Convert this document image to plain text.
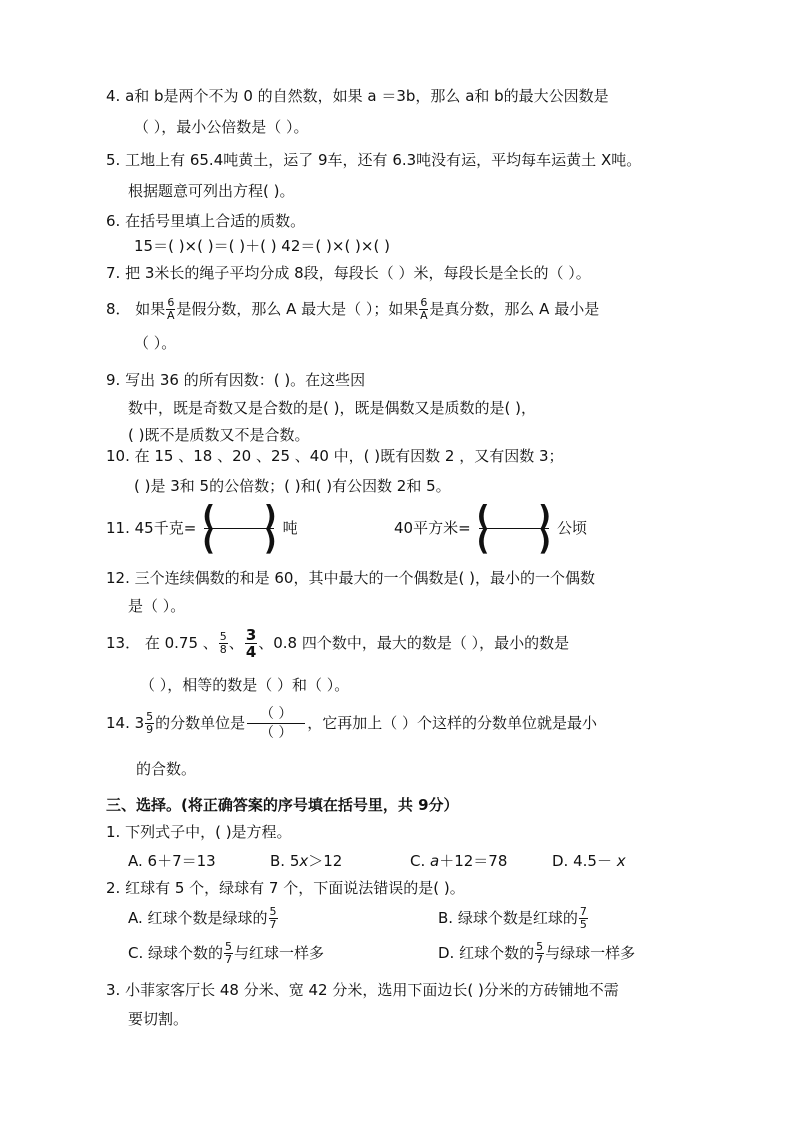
4. a和 b是两个不为 0 的自然数，如果 a ＝3b，那么 a和 b的最大公因数是
（ ），最小公倍数是（ ）。
5. 工地上有 65.4吨黄土，运了 9车，还有 6.3吨没有运，平均每车运黄土 X吨。
根据题意可列出方程( )。
6. 在括号里填上合适的质数。
15＝( )×( )＝( )＋( ) 42＝( )×( )×( )
7. 把 3米长的绳子平均分成 8段，每段长（ ）米，每段长是全长的（ ）。
8． 如果 $\frac{6}{A}$ 是假分数，那么 A 最大是（ ）；如果 $\frac{6}{A}$ 是真分数，那么 A 最小是
（ ）。
9. 写出 36 的所有因数：( )。在这些因
数中，既是奇数又是合数的是( )，既是偶数又是质数的是( )，
( )既不是质数又不是合数。
10. 在 15 、18 、20 、25 、40 中，( )既有因数 2 ，又有因数 3；
( )是 3和 5的公倍数；( )和( )有公因数 2和 5。
11. 45千克= (     )
(     ) 吨	40平方米= (     )
(     ) 公顷
12. 三个连续偶数的和是 60，其中最大的一个偶数是( )，最小的一个偶数
是（ ）。
13． 在 0.75 、 $\frac{5}{8}$ 、 $\frac{3}{4}$ 、0.8 四个数中，最大的数是（ ），最小的数是
（ ），相等的数是（ ）和（ ）。
14. $3 \frac{5}{9}$ 的分数单位是 $\frac{( )}{( )}$ ，它再加上（ ）个这样的分数单位就是最小
的合数。
三、选择。(将正确答案的序号填在括号里，共 9分）
1. 下列式子中，( )是方程。
A. 6＋7＝13	B. 5x＞12	C. a＋12＝78	D. 4.5－ x
2. 红球有 5 个，绿球有 7 个，下面说法错误的是( )。
A. 红球个数是绿球的 $\frac{5}{7}$	B. 绿球个数是红球的 $\frac{7}{5}$
C. 绿球个数的 $\frac{5}{7}$ 与红球一样多	D. 红球个数的 $\frac{5}{7}$ 与绿球一样多
3. 小菲家客厅长 48 分米、宽 42 分米，选用下面边长( )分米的方砖铺地不需
要切割。
